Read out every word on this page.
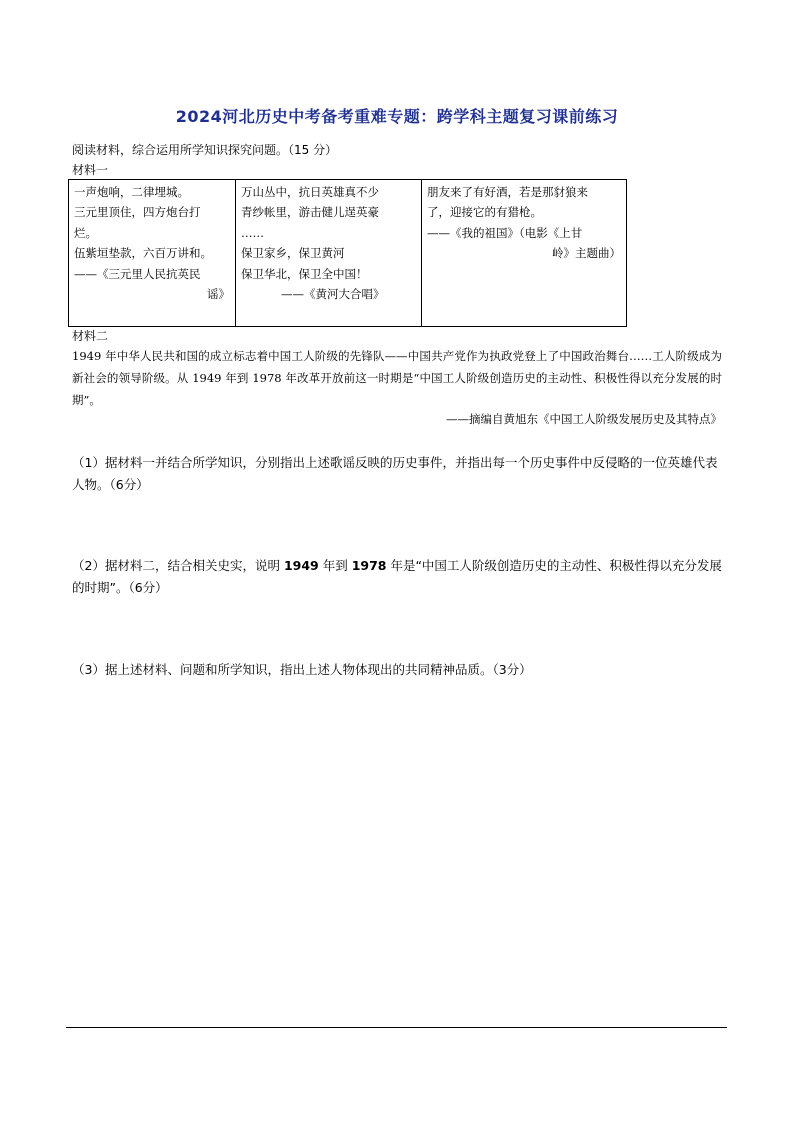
2024河北历史中考备考重难专题：跨学科主题复习课前练习
阅读材料，综合运用所学知识探究问题。（15 分）
材料一
一声炮响，二律埋城。
三元里顶住，四方炮台打
烂。
伍紫垣垫款，六百万讲和。
——《三元里人民抗英民
谣》
	万山丛中，抗日英雄真不少
青纱帐里，游击健儿逞英豪
……
保卫家乡，保卫黄河
保卫华北，保卫全中国！
——《黄河大合唱》
	朋友来了有好酒，若是那豺狼来
了，迎接它的有猎枪。
——《我的祖国》（电影《上甘
岭》主题曲）
材料二
1949 年中华人民共和国的成立标志着中国工人阶级的先锋队——中国共产党作为执政党登上了中国政治舞台……工人阶级成为新社会的领导阶级。从 1949 年到 1978 年改革开放前这一时期是“中国工人阶级创造历史的主动性、积极性得以充分发展的时期”。
——摘编自黄旭东《中国工人阶级发展历史及其特点》
（1）据材料一并结合所学知识，分别指出上述歌谣反映的历史事件，并指出每一个历史事件中反侵略的一位英雄代表人物。（6分）
（2）据材料二，结合相关史实，说明 1949 年到 1978 年是“中国工人阶级创造历史的主动性、积极性得以充分发展的时期”。（6分）
（3）据上述材料、问题和所学知识，指出上述人物体现出的共同精神品质。（3分）
